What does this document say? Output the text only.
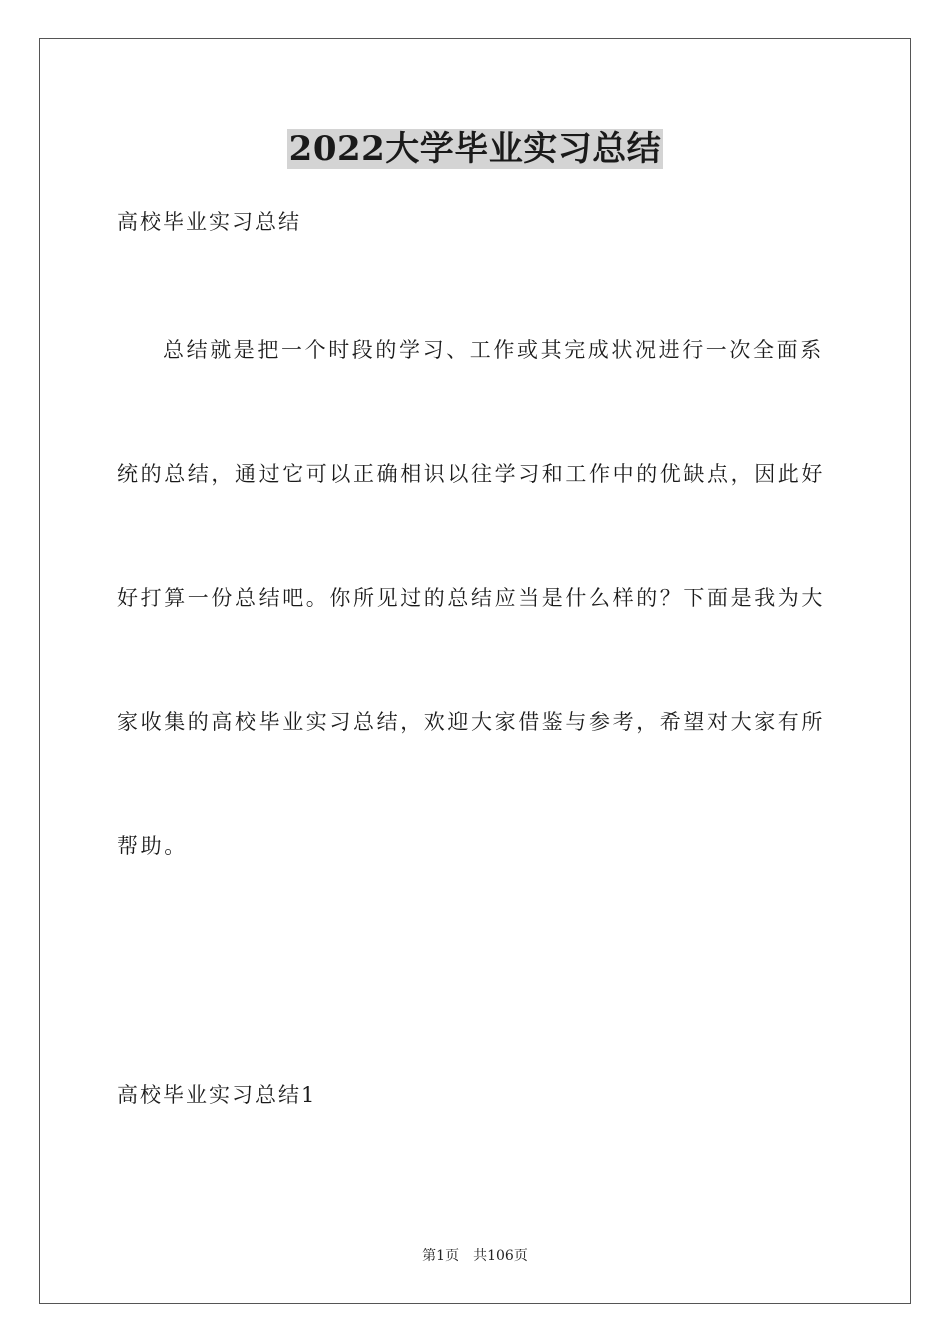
2022大学毕业实习总结
高校毕业实习总结
总结就是把一个时段的学习、工作或其完成状况进行一次全面系
统的总结，通过它可以正确相识以往学习和工作中的优缺点，因此好
好打算一份总结吧。你所见过的总结应当是什么样的？下面是我为大
家收集的高校毕业实习总结，欢迎大家借鉴与参考，希望对大家有所
帮助。
高校毕业实习总结1
第1页 共106页
